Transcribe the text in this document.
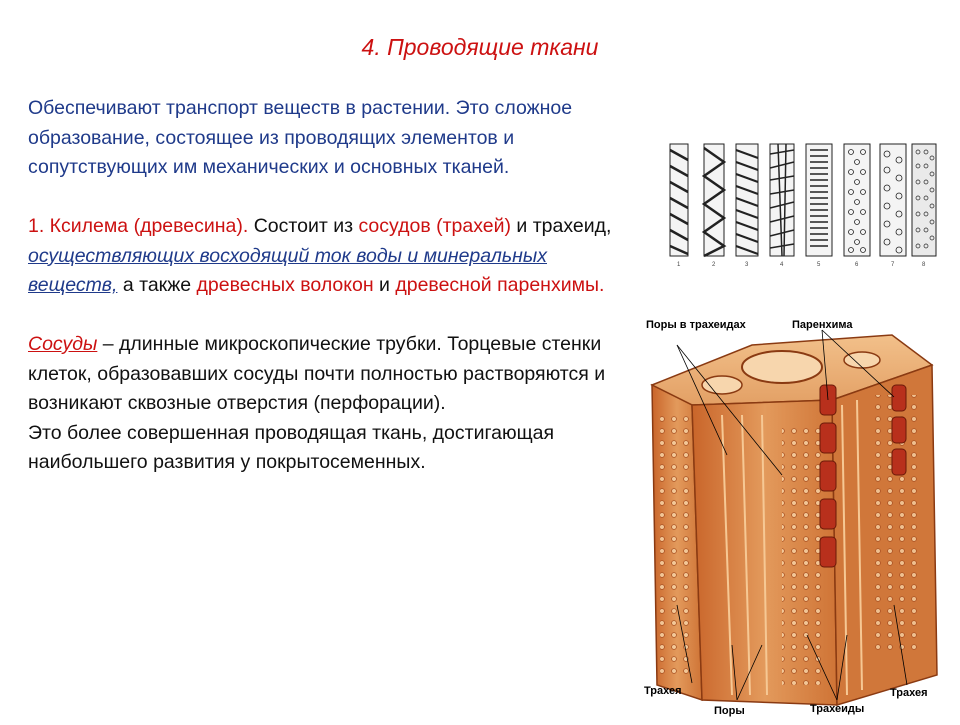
4. Проводящие ткани

Обеспечивают транспорт веществ в растении. Это сложное образование, состоящее из проводящих элементов и сопутствующих им механических и основных тканей.

1. Ксилема (древесина). Состоит из сосудов (трахей) и трахеид, осуществляющих восходящий ток воды и минеральных веществ, а также древесных волокон и древесной паренхимы.

Сосуды – длинные микроскопические трубки. Торцевые стенки клеток, образовавших сосуды почти полностью растворяются и возникают сквозные отверстия (перфорации).

Это более совершенная проводящая ткань, достигающая наибольшего развития у покрытосеменных.

1	2	3	4	5	6	7	8
Поры в трахеидах	Паренхима
Трахея
Поры	Трахеиды
Трахея
